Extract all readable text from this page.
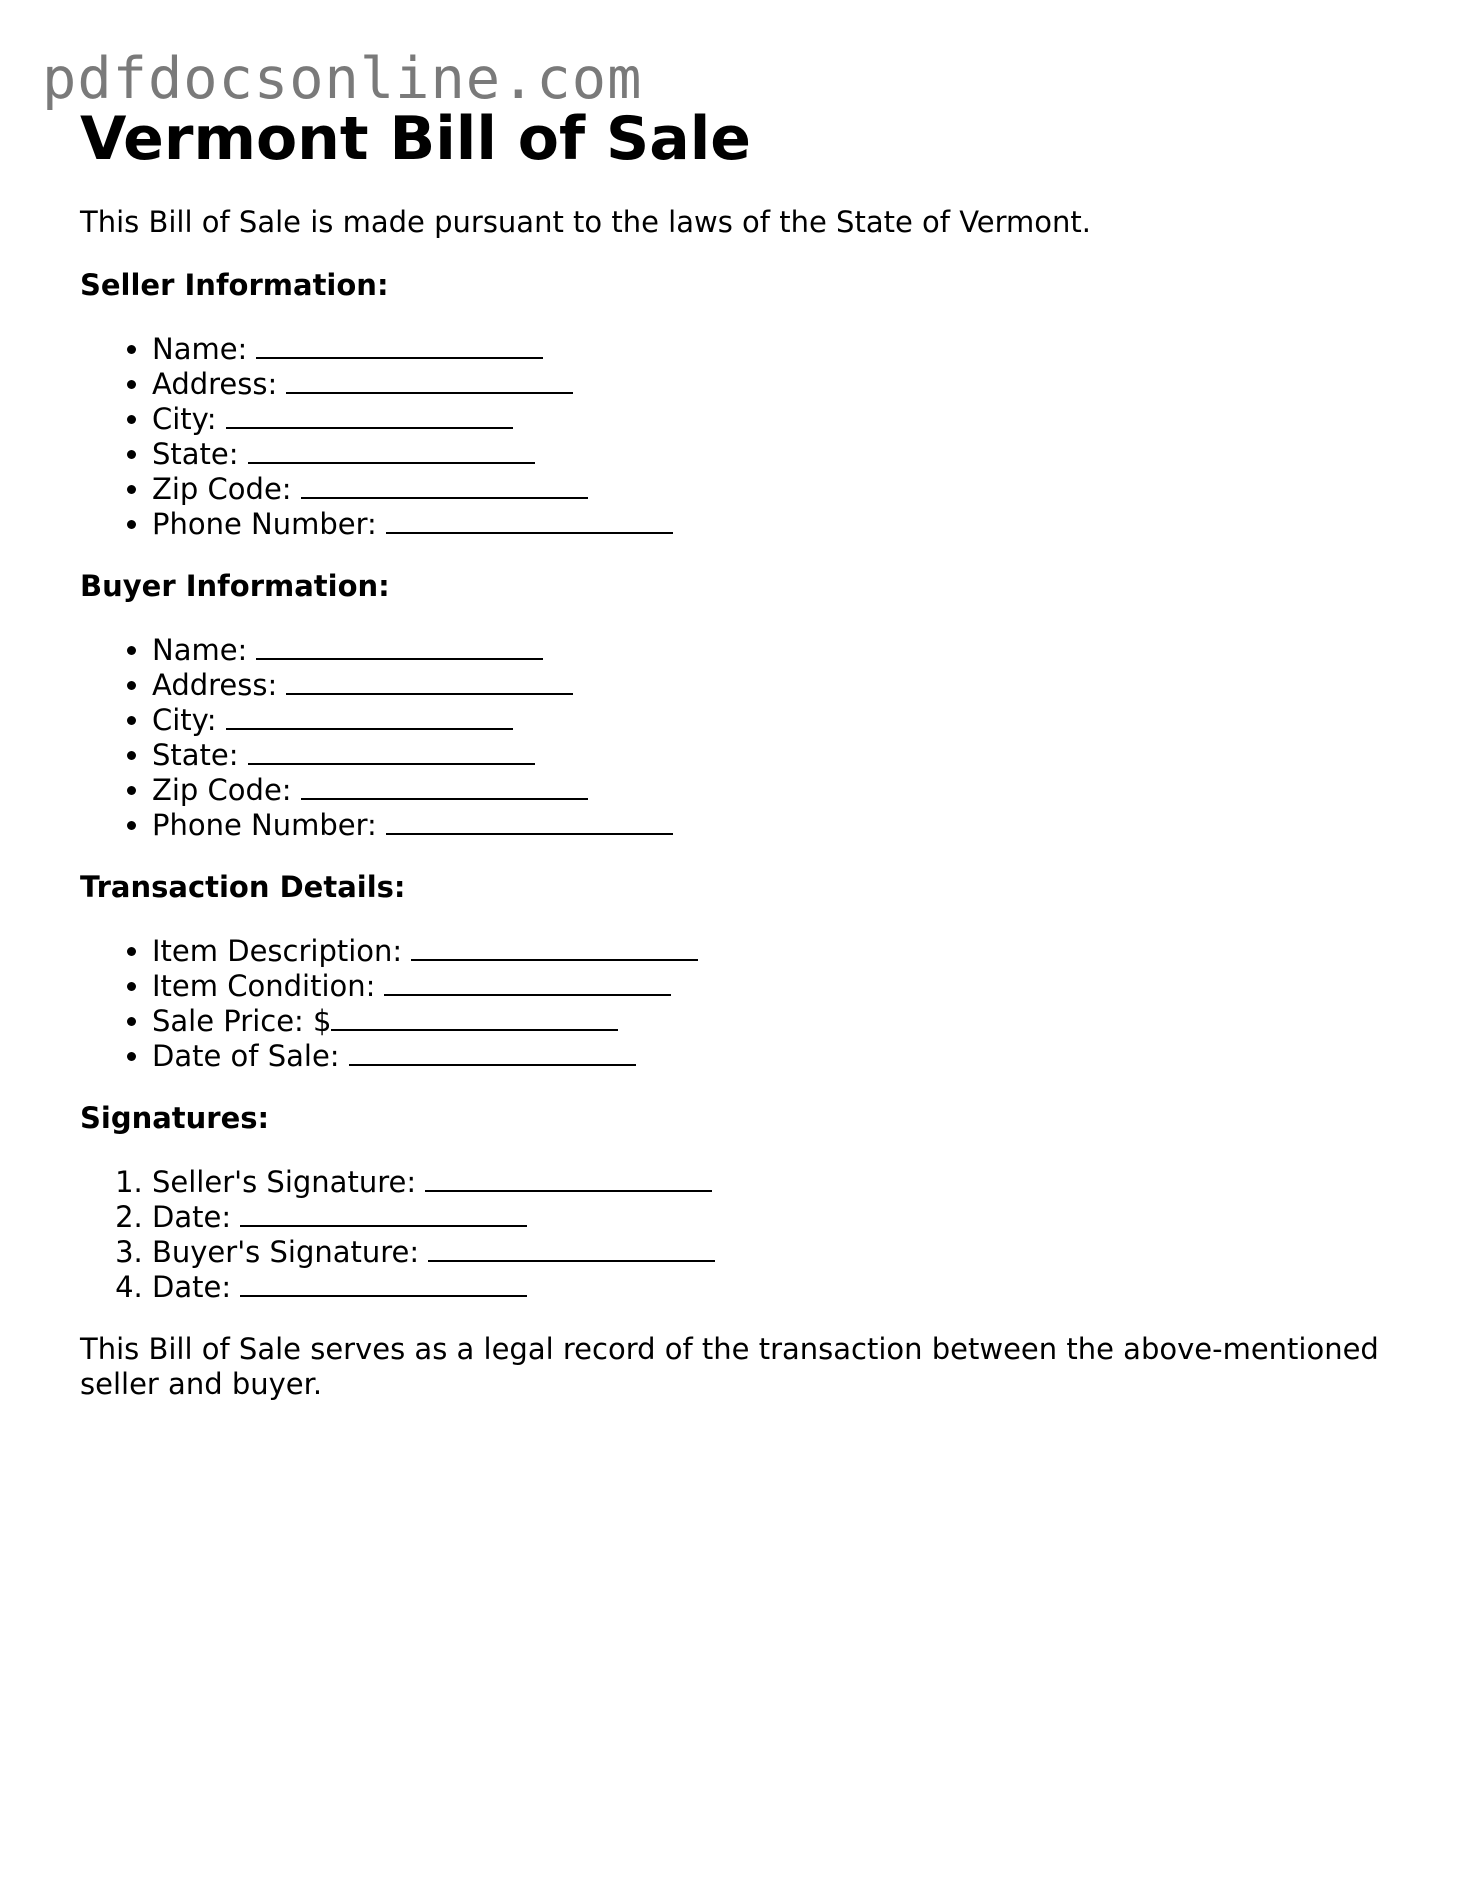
pdfdocsonline.com
Vermont Bill of Sale

This Bill of Sale is made pursuant to the laws of the State of Vermont.

Seller Information:

• Name:
• Address:
• City:
• State:
• Zip Code:
• Phone Number:

Buyer Information:

• Name:
• Address:
• City:
• State:
• Zip Code:
• Phone Number:

Transaction Details:

• Item Description:
• Item Condition:
• Sale Price: $
• Date of Sale:

Signatures:

1. Seller's Signature:
2. Date:
3. Buyer's Signature:
4. Date:

This Bill of Sale serves as a legal record of the transaction between the above-mentioned seller and buyer.
